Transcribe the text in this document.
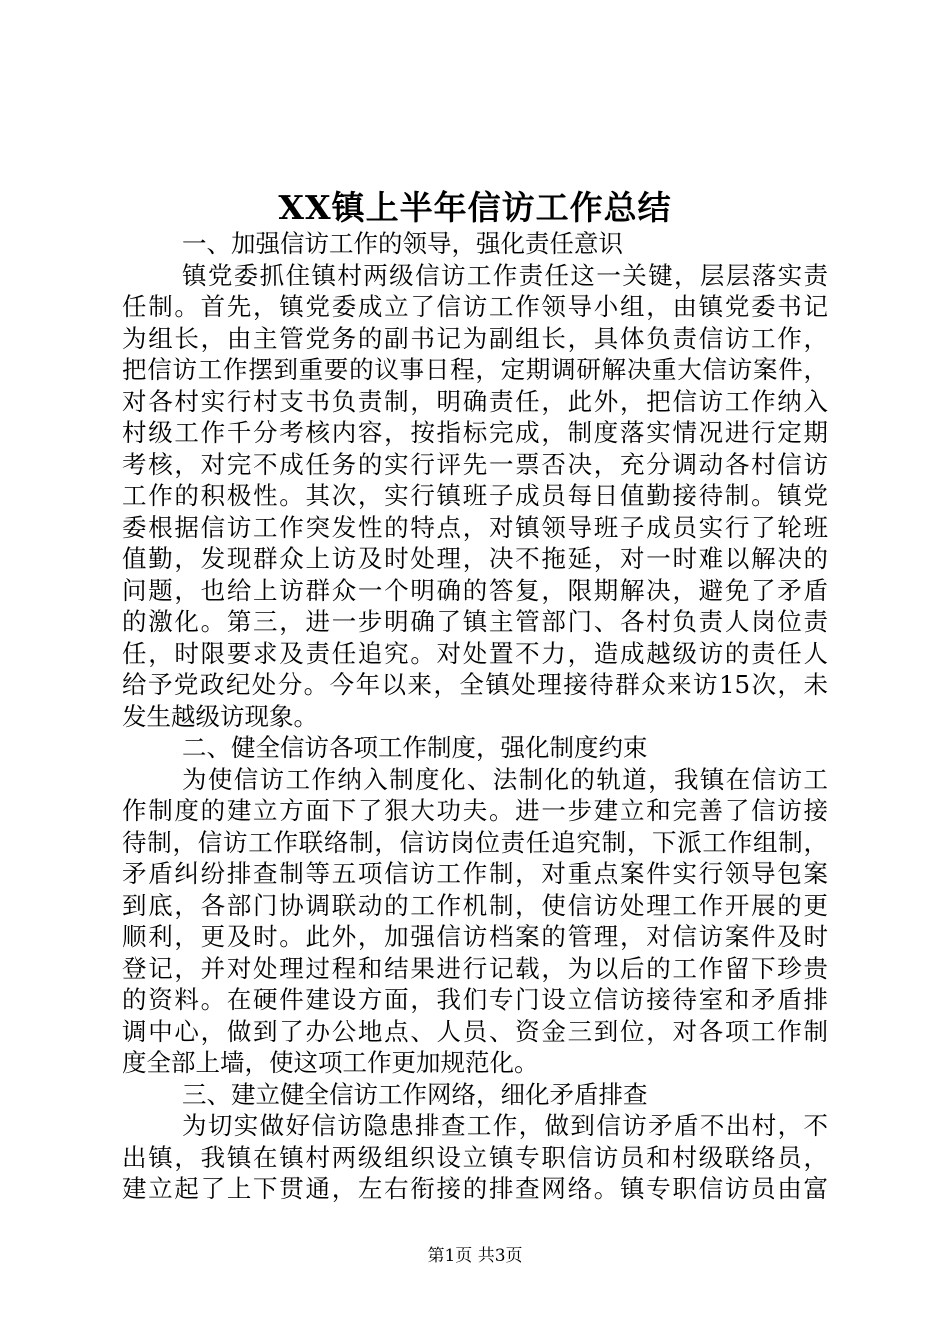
XX镇上半年信访工作总结
一、加强信访工作的领导，强化责任意识
镇党委抓住镇村两级信访工作责任这一关键，层层落实责
任制。首先，镇党委成立了信访工作领导小组，由镇党委书记
为组长，由主管党务的副书记为副组长，具体负责信访工作，
把信访工作摆到重要的议事日程，定期调研解决重大信访案件，
对各村实行村支书负责制，明确责任，此外，把信访工作纳入
村级工作千分考核内容，按指标完成，制度落实情况进行定期
考核，对完不成任务的实行评先一票否决，充分调动各村信访
工作的积极性。其次，实行镇班子成员每日值勤接待制。镇党
委根据信访工作突发性的特点，对镇领导班子成员实行了轮班
值勤，发现群众上访及时处理，决不拖延，对一时难以解决的
问题，也给上访群众一个明确的答复，限期解决，避免了矛盾
的激化。第三，进一步明确了镇主管部门、各村负责人岗位责
任，时限要求及责任追究。对处置不力，造成越级访的责任人
给予党政纪处分。今年以来，全镇处理接待群众来访15次，未
发生越级访现象。
二、健全信访各项工作制度，强化制度约束
为使信访工作纳入制度化、法制化的轨道，我镇在信访工
作制度的建立方面下了狠大功夫。进一步建立和完善了信访接
待制，信访工作联络制，信访岗位责任追究制，下派工作组制，
矛盾纠纷排查制等五项信访工作制，对重点案件实行领导包案
到底，各部门协调联动的工作机制，使信访处理工作开展的更
顺利，更及时。此外，加强信访档案的管理，对信访案件及时
登记，并对处理过程和结果进行记载，为以后的工作留下珍贵
的资料。在硬件建设方面，我们专门设立信访接待室和矛盾排
调中心，做到了办公地点、人员、资金三到位，对各项工作制
度全部上墙，使这项工作更加规范化。
三、建立健全信访工作网络，细化矛盾排查
为切实做好信访隐患排查工作，做到信访矛盾不出村，不
出镇，我镇在镇村两级组织设立镇专职信访员和村级联络员，
建立起了上下贯通，左右衔接的排查网络。镇专职信访员由富
第1页 共3页
